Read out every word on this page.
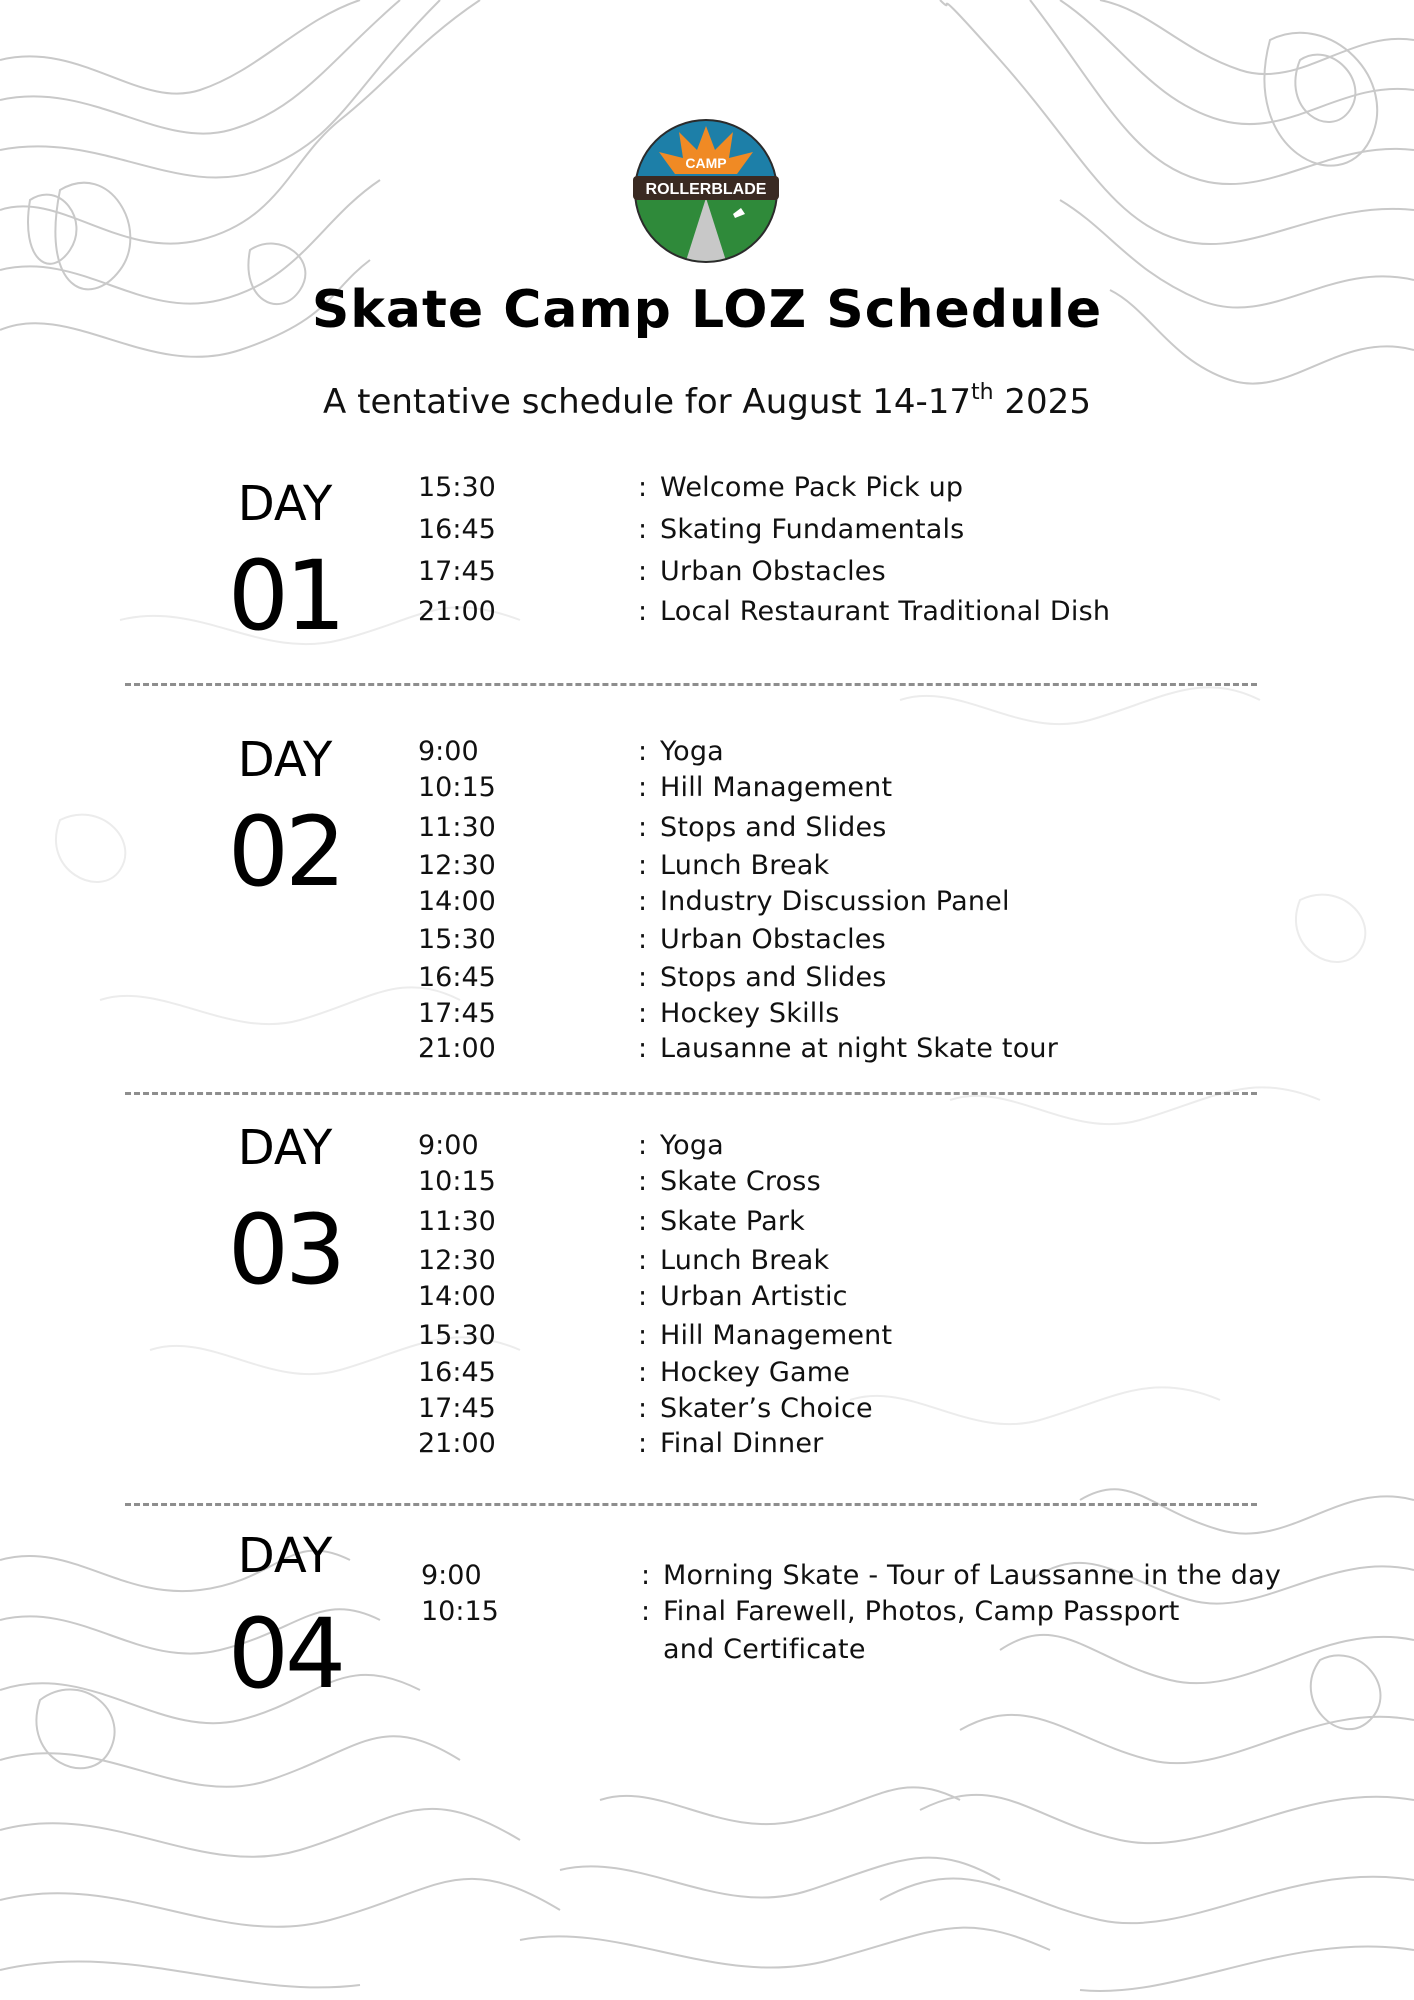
CAMP
ROLLERBLADE
Skate Camp LOZ Schedule
A tentative schedule for August 14-17th 2025
DAY
01
15:30	: Welcome Pack Pick up
16:45	: Skating Fundamentals
17:45	: Urban Obstacles
21:00	: Local Restaurant Traditional Dish
DAY
02
9:00	: Yoga
10:15	: Hill Management
11:30	: Stops and Slides
12:30	: Lunch Break
14:00	: Industry Discussion Panel
15:30	: Urban Obstacles
16:45	: Stops and Slides
17:45	: Hockey Skills
21:00	: Lausanne at night Skate tour
DAY
03
9:00	: Yoga
10:15	: Skate Cross
11:30	: Skate Park
12:30	: Lunch Break
14:00	: Urban Artistic
15:30	: Hill Management
16:45	: Hockey Game
17:45	: Skater’s Choice
21:00	: Final Dinner
DAY
04
9:00	: Morning Skate - Tour of Laussanne in the day
10:15	: Final Farewell, Photos, Camp Passport
and Certificate
